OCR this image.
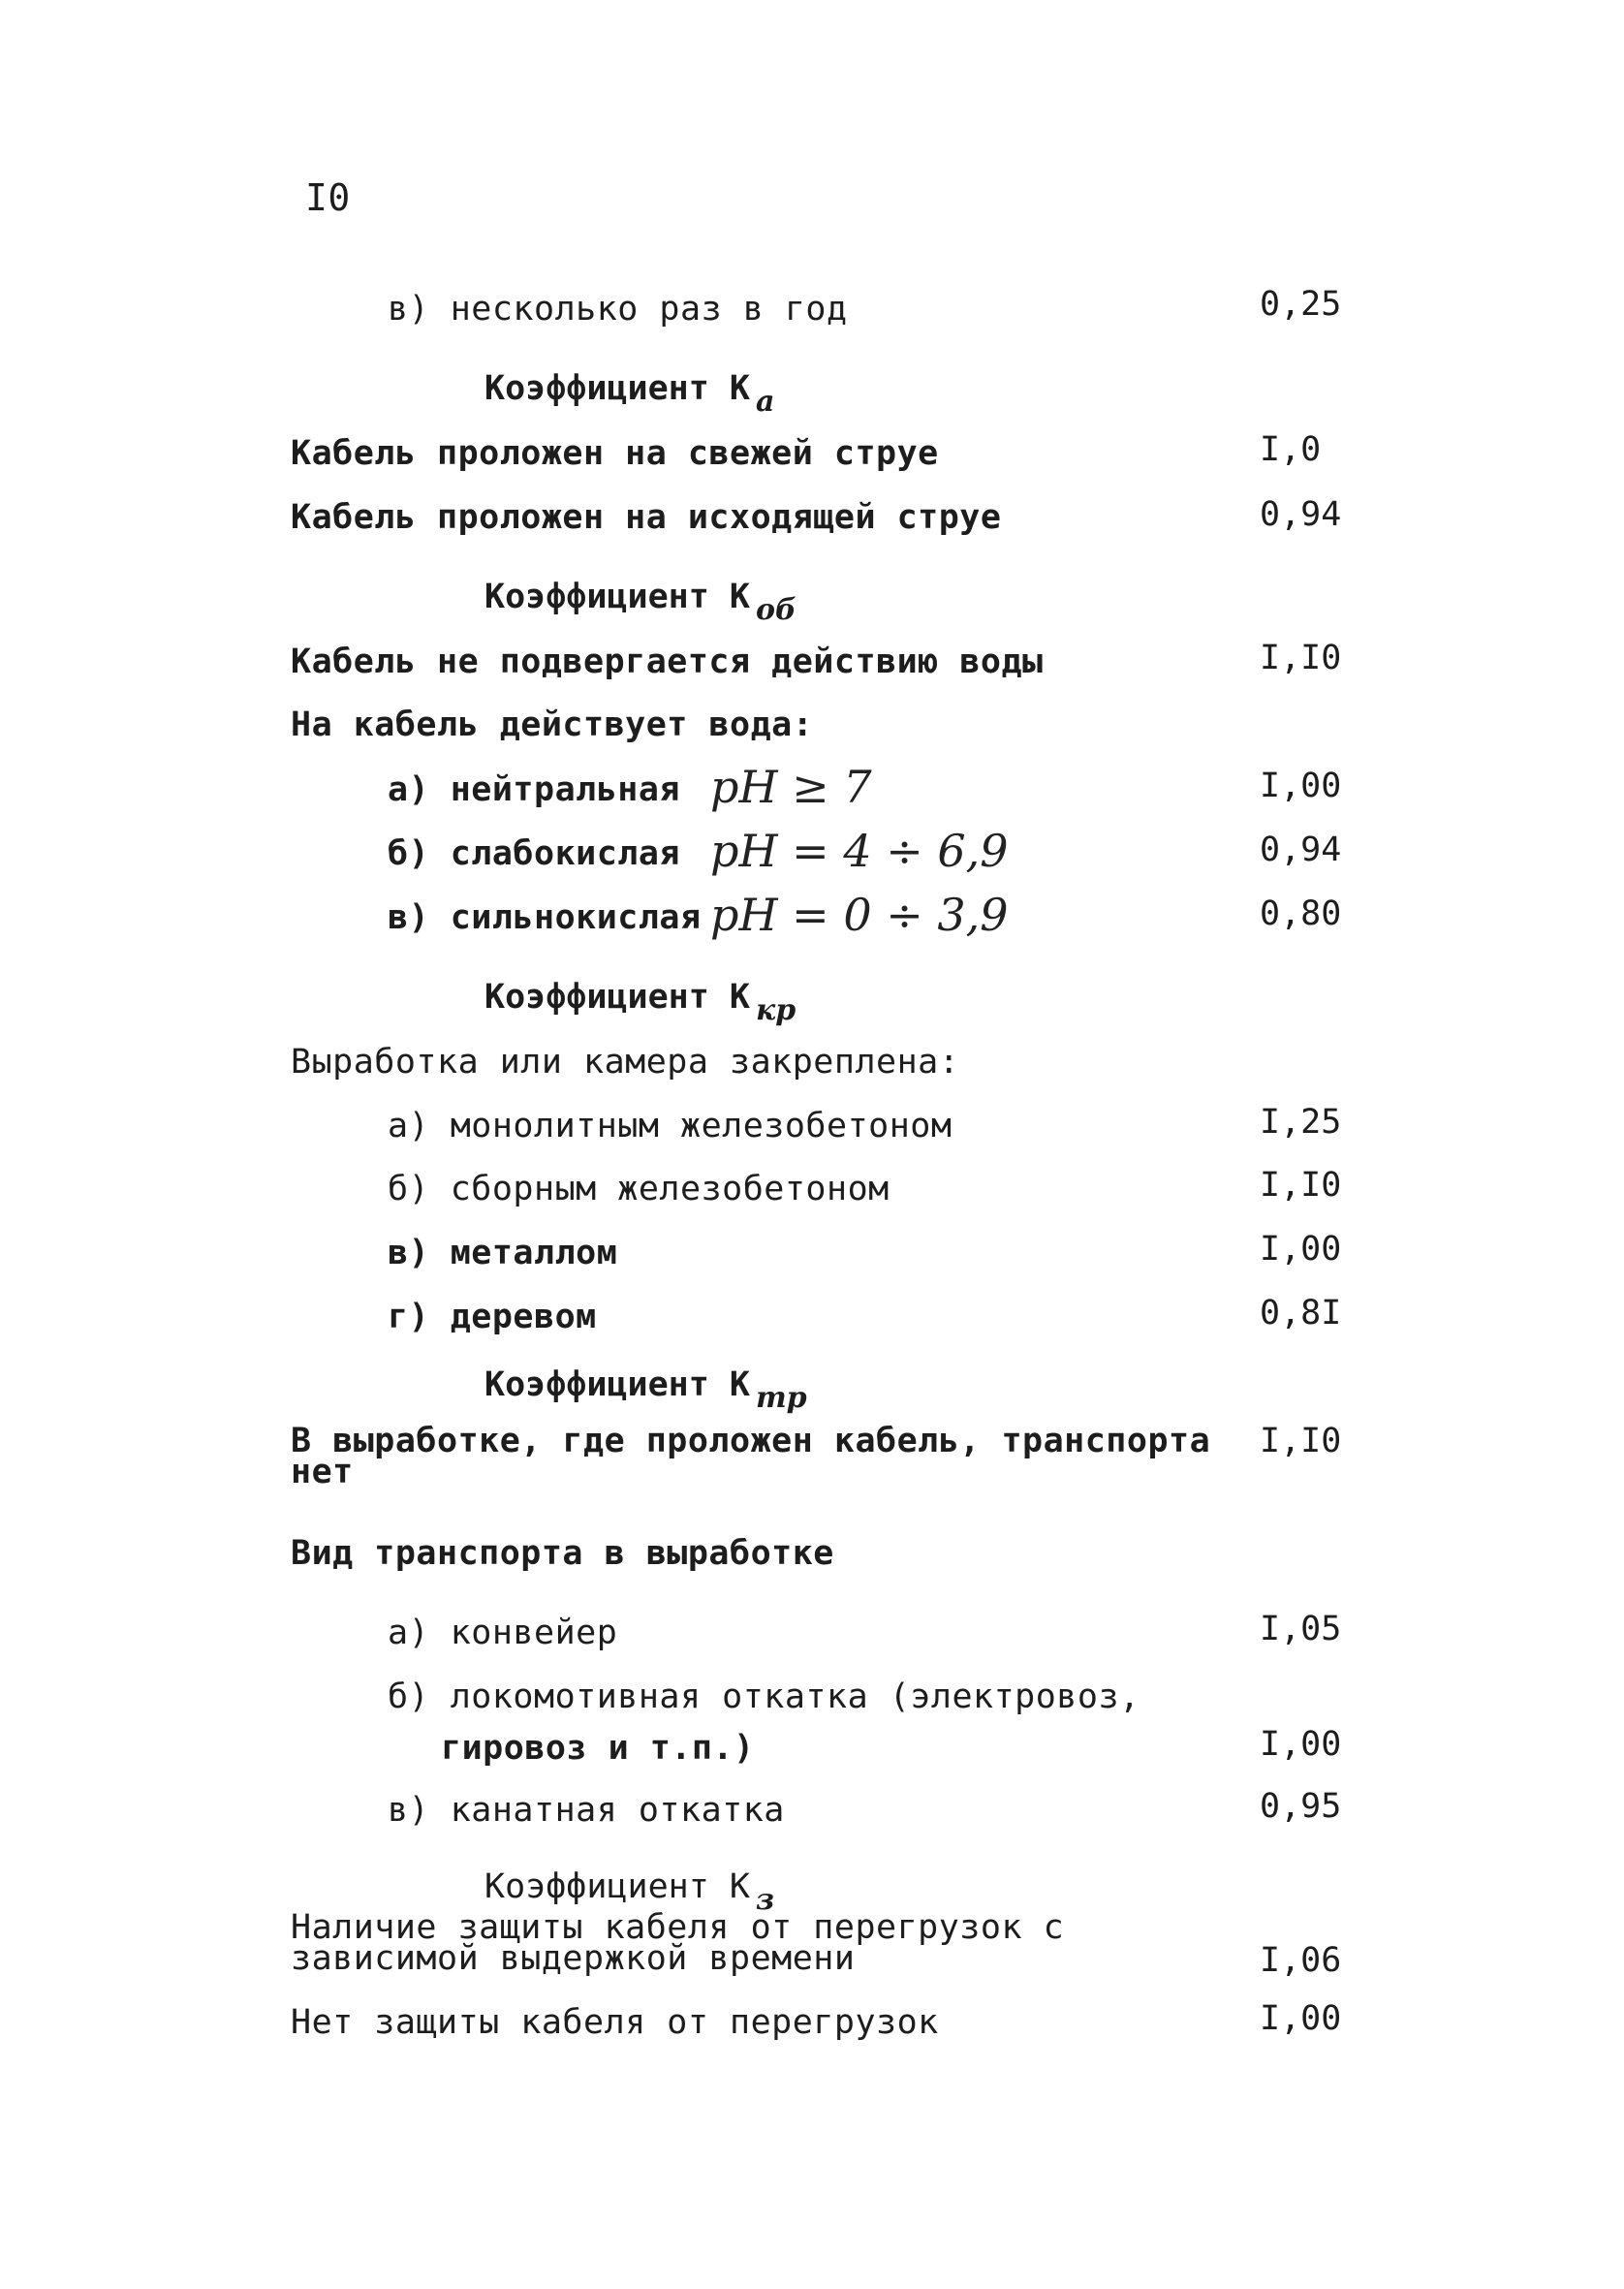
I0
в) несколько раз в год	0,25
Коэффициент К a
Кабель проложен на свежей струе	I,0
Кабель проложен на исходящей струе	0,94
Коэффициент К об
Кабель не подвергается действию воды	I,I0
На кабель действует вода:
а) нейтральная pH ≥ 7	I,00
б) слабокислая pH = 4 ÷ 6,9	0,94
в) сильнокислая pH = 0 ÷ 3,9	0,80
Коэффициент К кр
Выработка или камера закреплена:
а) монолитным железобетоном	I,25
б) сборным железобетоном	I,I0
в) металлом	I,00
г) деревом	0,8I
Коэффициент К тр
В выработке, где проложен кабель, транспорта
нет
I,I0
Вид транспорта в выработке
а) конвейер	I,05
б) локомотивная откатка (электровоз,
гировоз и т.п.)	I,00
в) канатная откатка	0,95
Коэффициент К з
Наличие защиты кабеля от перегрузок с
зависимой выдержкой времени	I,06
Нет защиты кабеля от перегрузок	I,00
